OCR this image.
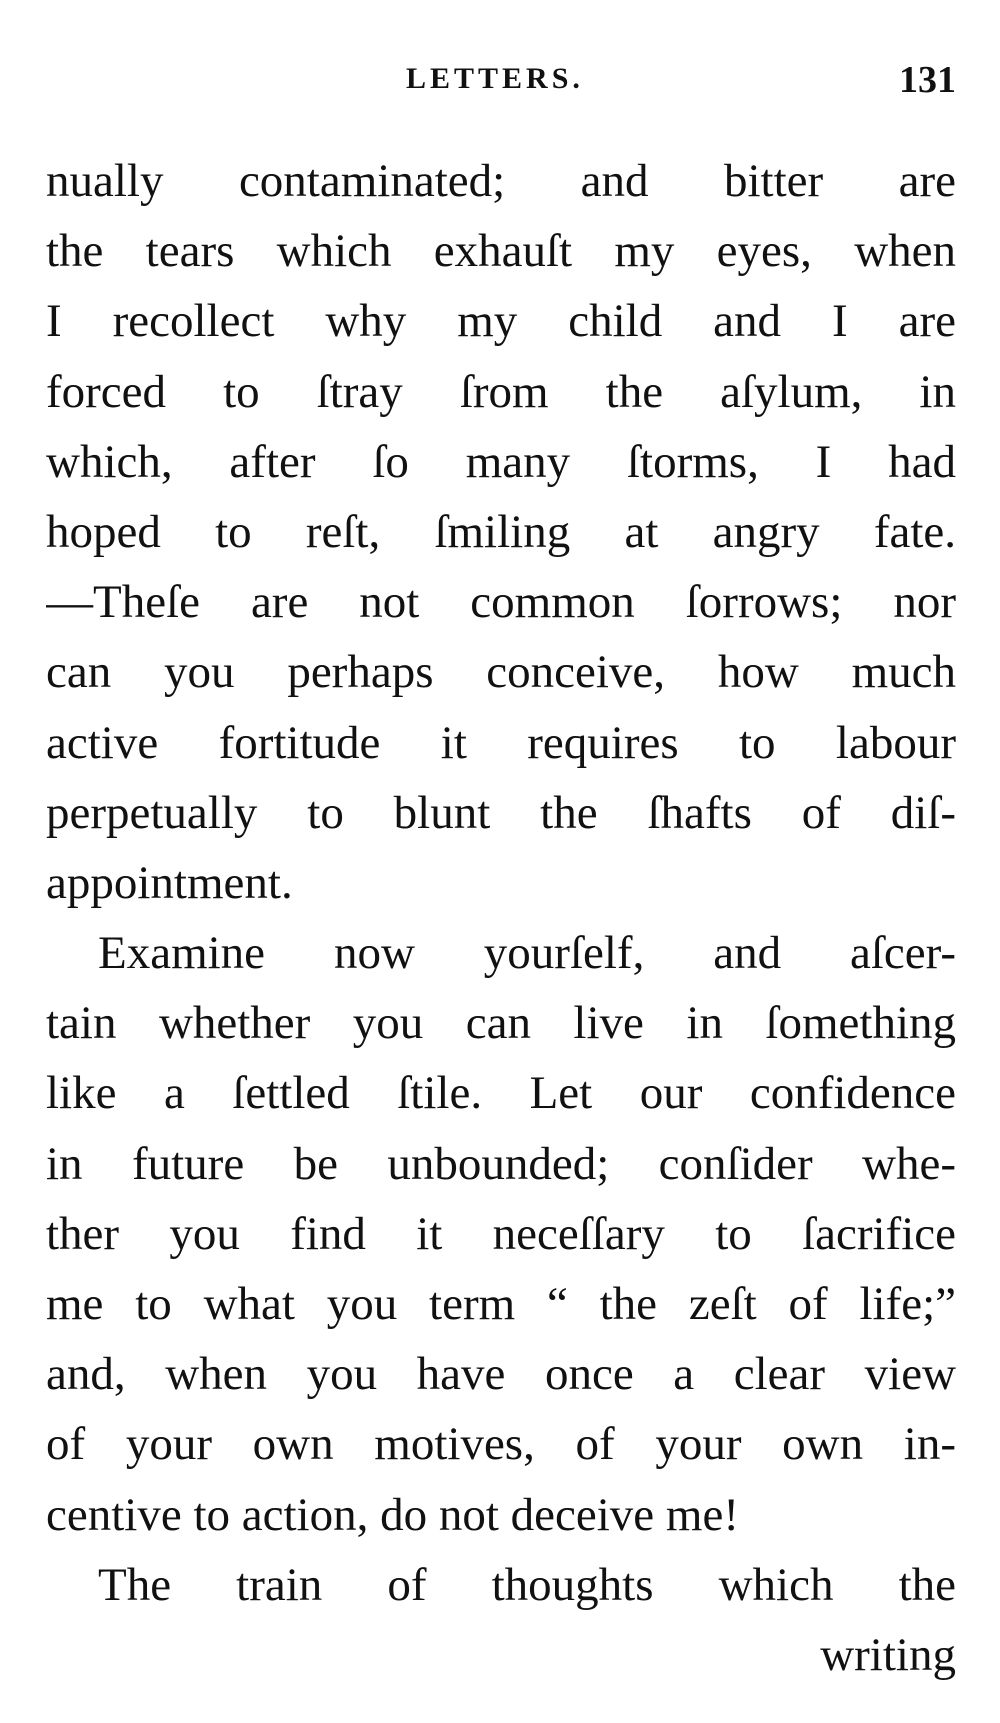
LETTERS.	131
nually contaminated; and bitter are
the tears which exhauſt my eyes, when
I recollect why my child and I are
forced to ſtray ſrom the aſylum, in
which, after ſo many ſtorms, I had
hoped to reſt, ſmiling at angry fate.
—Theſe are not common ſorrows; nor
can you perhaps conceive, how much
active fortitude it requires to labour
perpetually to blunt the ſhafts of diſ-
appointment.
Examine now yourſelf, and aſcer-
tain whether you can live in ſomething
like a ſettled ſtile. Let our confidence
in future be unbounded; conſider whe-
ther you find it neceſſary to ſacrifice
me to what you term “ the zeſt of life;”
and, when you have once a clear view
of your own motives, of your own in-
centive to action, do not deceive me!
The train of thoughts which the
writing
